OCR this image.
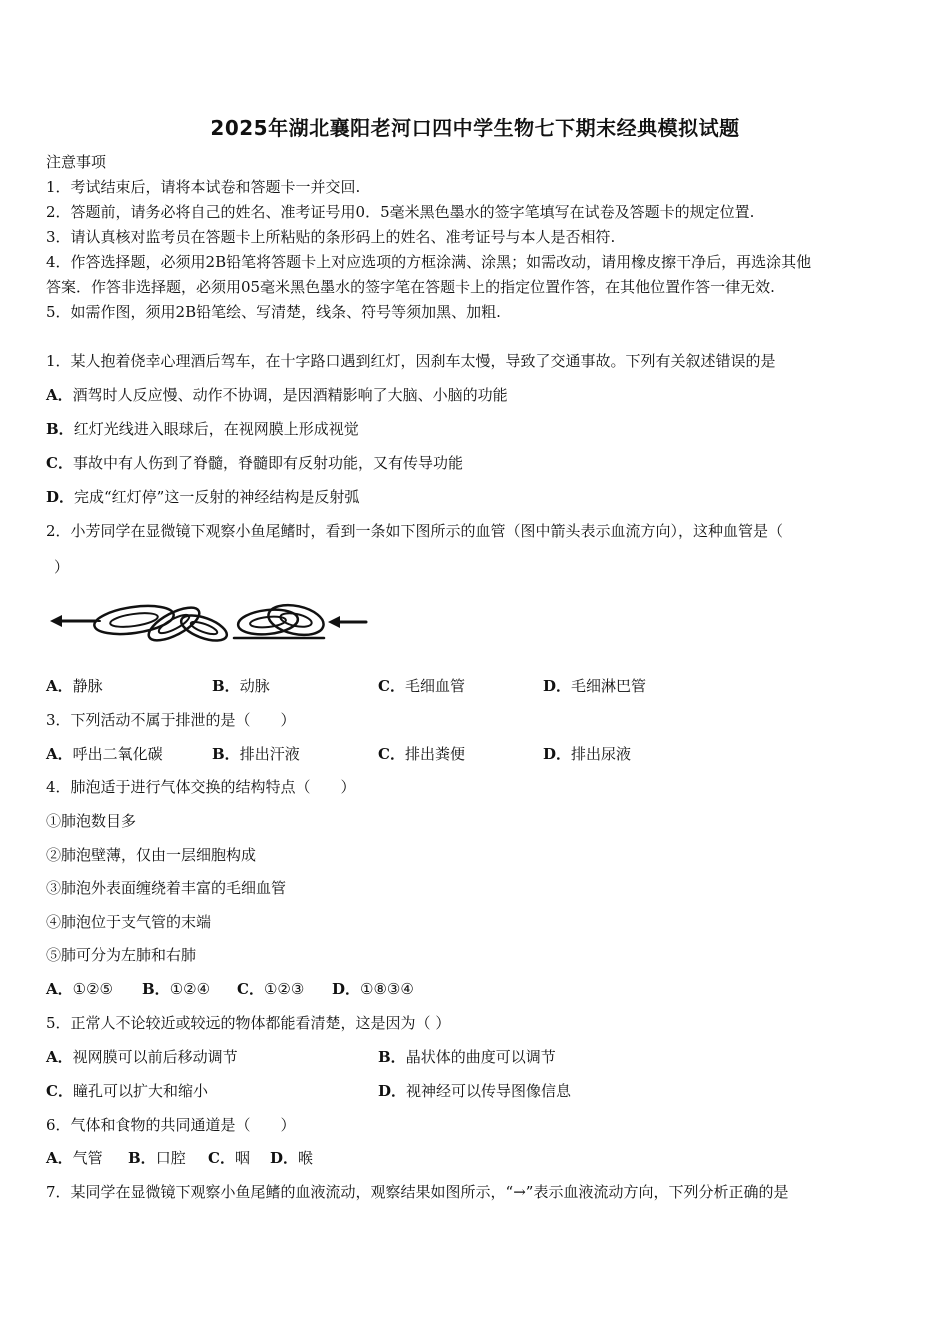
2025年湖北襄阳老河口四中学生物七下期末经典模拟试题
注意事项
1．考试结束后，请将本试卷和答题卡一并交回.
2．答题前，请务必将自己的姓名、准考证号用0．5毫米黑色墨水的签字笔填写在试卷及答题卡的规定位置.
3．请认真核对监考员在答题卡上所粘贴的条形码上的姓名、准考证号与本人是否相符.
4．作答选择题，必须用2B铅笔将答题卡上对应选项的方框涂满、涂黑；如需改动，请用橡皮擦干净后，再选涂其他
答案．作答非选择题，必须用05毫米黑色墨水的签字笔在答题卡上的指定位置作答，在其他位置作答一律无效.
5．如需作图，须用2B铅笔绘、写清楚，线条、符号等须加黑、加粗.
1．某人抱着侥幸心理酒后驾车，在十字路口遇到红灯，因刹车太慢，导致了交通事故。下列有关叙述错误的是
A．酒驾时人反应慢、动作不协调，是因酒精影响了大脑、小脑的功能
B．红灯光线进入眼球后，在视网膜上形成视觉
C．事故中有人伤到了脊髓，脊髓即有反射功能，又有传导功能
D．完成“红灯停”这一反射的神经结构是反射弧
2．小芳同学在显微镜下观察小鱼尾鳍时，看到一条如下图所示的血管（图中箭头表示血流方向），这种血管是（
）
A．静脉	B．动脉	C．毛细血管	D．毛细淋巴管
3．下列活动不属于排泄的是（　　）
A．呼出二氧化碳	B．排出汗液	C．排出粪便	D．排出尿液
4．肺泡适于进行气体交换的结构特点（　　）
①肺泡数目多
②肺泡壁薄，仅由一层细胞构成
③肺泡外表面缠绕着丰富的毛细血管
④肺泡位于支气管的末端
⑤肺可分为左肺和右肺
A．①②⑤ B．①②④ C．①②③ D．①⑧③④
5．正常人不论较近或较远的物体都能看清楚，这是因为（ ）
A．视网膜可以前后移动调节	B．晶状体的曲度可以调节
C．瞳孔可以扩大和缩小	D．视神经可以传导图像信息
6．气体和食物的共同通道是（　　）
A．气管 B．口腔 C．咽 D．喉
7．某同学在显微镜下观察小鱼尾鳍的血液流动，观察结果如图所示，“→”表示血液流动方向，下列分析正确的是
